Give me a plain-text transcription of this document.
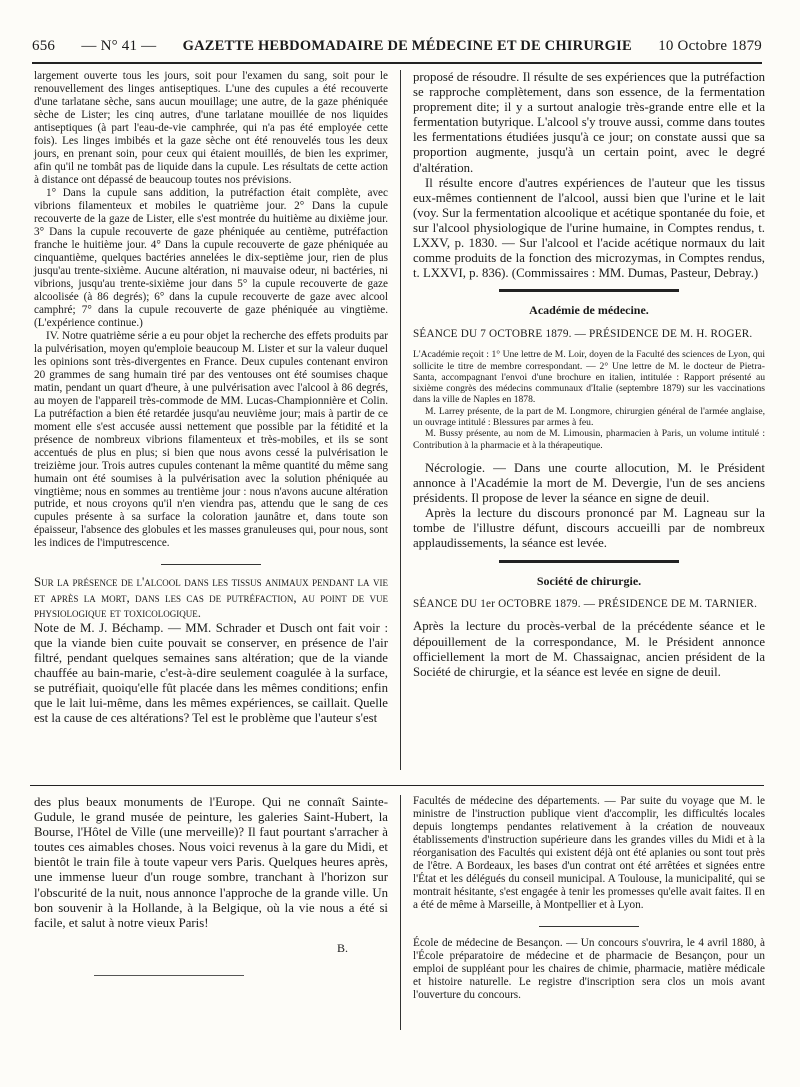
656 — N° 41 — GAZETTE HEBDOMADAIRE DE MÉDECINE ET DE CHIRURGIE 10 Octobre 1879

largement ouverte tous les jours, soit pour l'examen du sang, soit pour le renouvellement des linges antiseptiques. L'une des cupules a été recouverte d'une tarlatane sèche, sans aucun mouillage; une autre, de la gaze phéniquée sèche de Lister; les cinq autres, d'une tarlatane mouillée de nos liquides antiseptiques (à part l'eau-de-vie camphrée, qui n'a pas été employée cette fois). Les linges imbibés et la gaze sèche ont été renouvelés tous les deux jours, en prenant soin, pour ceux qui étaient mouillés, de bien les exprimer, afin qu'il ne tombât pas de liquide dans la cupule. Les résultats de cette action à distance ont dépassé de beaucoup toutes nos prévisions.

1° Dans la cupule sans addition, la putréfaction était complète, avec vibrions filamenteux et mobiles le quatrième jour. 2° Dans la cupule recouverte de la gaze de Lister, elle s'est montrée du huitième au dixième jour. 3° Dans la cupule recouverte de gaze phéniquée au centième, putréfaction franche le huitième jour. 4° Dans la cupule recouverte de gaze phéniquée au cinquantième, quelques bactéries annelées le dix-septième jour, rien de plus jusqu'au trente-sixième. Aucune altération, ni mauvaise odeur, ni bactéries, ni vibrions, jusqu'au trente-sixième jour dans 5° la cupule recouverte de gaze alcoolisée (à 86 degrés); 6° dans la cupule recouverte de gaze avec alcool camphré; 7° dans la cupule recouverte de gaze phéniquée au vingtième. (L'expérience continue.)

IV. Notre quatrième série a eu pour objet la recherche des effets produits par la pulvérisation, moyen qu'emploie beaucoup M. Lister et sur la valeur duquel les opinions sont très-divergentes en France. Deux cupules contenant environ 20 grammes de sang humain tiré par des ventouses ont été soumises chaque matin, pendant un quart d'heure, à une pulvérisation avec l'alcool à 86 degrés, au moyen de l'appareil très-commode de MM. Lucas-Championnière et Colin. La putréfaction a bien été retardée jusqu'au neuvième jour; mais à partir de ce moment elle s'est accusée aussi nettement que possible par la fétidité et la présence de nombreux vibrions filamenteux et très-mobiles, et ils se sont accentués de plus en plus; si bien que nous avons cessé la pulvérisation le treizième jour. Trois autres cupules contenant la même quantité du même sang humain ont été soumises à la pulvérisation avec la solution phéniquée au vingtième; nous en sommes au trentième jour : nous n'avons aucune altération putride, et nous croyons qu'il n'en viendra pas, attendu que le sang de ces cupules présente à sa surface la coloration jaunâtre et, dans toute son épaisseur, l'absence des globules et les masses granuleuses qui, pour nous, sont les indices de l'imputrescence.

Sur la présence de l'alcool dans les tissus animaux pendant la vie et après la mort, dans les cas de putréfaction, au point de vue physiologique et toxicologique.

Note de M. J. Béchamp. — MM. Schrader et Dusch ont fait voir : que la viande bien cuite pouvait se conserver, en présence de l'air filtré, pendant quelques semaines sans altération; que de la viande chauffée au bain-marie, c'est-à-dire seulement coagulée à la surface, se putréfiait, quoiqu'elle fût placée dans les mêmes conditions; enfin que le lait lui-même, dans les mêmes expériences, se caillait. Quelle est la cause de ces altérations? Tel est le problème que l'auteur s'est

proposé de résoudre. Il résulte de ses expériences que la putréfaction se rapproche complètement, dans son essence, de la fermentation proprement dite; il y a surtout analogie très-grande entre elle et la fermentation butyrique. L'alcool s'y trouve aussi, comme dans toutes les fermentations étudiées jusqu'à ce jour; on constate aussi que sa proportion augmente, jusqu'à un certain point, avec le degré d'altération.

Il résulte encore d'autres expériences de l'auteur que les tissus eux-mêmes contiennent de l'alcool, aussi bien que l'urine et le lait (voy. Sur la fermentation alcoolique et acétique spontanée du foie, et sur l'alcool physiologique de l'urine humaine, in Comptes rendus, t. LXXV, p. 1830. — Sur l'alcool et l'acide acétique normaux du lait comme produits de la fonction des microzymas, in Comptes rendus, t. LXXVI, p. 836). (Commissaires : MM. Dumas, Pasteur, Debray.)

Académie de médecine.
SÉANCE DU 7 OCTOBRE 1879. — PRÉSIDENCE DE M. H. ROGER.

L'Académie reçoit : 1° Une lettre de M. Loir, doyen de la Faculté des sciences de Lyon, qui sollicite le titre de membre correspondant. — 2° Une lettre de M. le docteur de Pietra-Santa, accompagnant l'envoi d'une brochure en italien, intitulée : Rapport présenté au sixième congrès des médecins communaux d'Italie (septembre 1879) sur les vaccinations dans la ville de Naples en 1878.

M. Larrey présente, de la part de M. Longmore, chirurgien général de l'armée anglaise, un ouvrage intitulé : Blessures par armes à feu.

M. Bussy présente, au nom de M. Limousin, pharmacien à Paris, un volume intitulé : Contribution à la pharmacie et à la thérapeutique.

Nécrologie. — Dans une courte allocution, M. le Président annonce à l'Académie la mort de M. Devergie, l'un de ses anciens présidents. Il propose de lever la séance en signe de deuil.

Après la lecture du discours prononcé par M. Lagneau sur la tombe de l'illustre défunt, discours accueilli par de nombreux applaudissements, la séance est levée.

Société de chirurgie.
SÉANCE DU 1er OCTOBRE 1879. — PRÉSIDENCE DE M. TARNIER.

Après la lecture du procès-verbal de la précédente séance et le dépouillement de la correspondance, M. le Président annonce officiellement la mort de M. Chassaignac, ancien président de la Société de chirurgie, et la séance est levée en signe de deuil.

des plus beaux monuments de l'Europe. Qui ne connaît Sainte-Gudule, le grand musée de peinture, les galeries Saint-Hubert, la Bourse, l'Hôtel de Ville (une merveille)? Il faut pourtant s'arracher à toutes ces aimables choses. Nous voici revenus à la gare du Midi, et bientôt le train file à toute vapeur vers Paris. Quelques heures après, une immense lueur d'un rouge sombre, tranchant à l'horizon sur l'obscurité de la nuit, nous annonce l'approche de la grande ville. Un bon souvenir à la Hollande, à la Belgique, où la vie nous a été si facile, et salut à notre vieux Paris!

B.

Facultés de médecine des départements. — Par suite du voyage que M. le ministre de l'instruction publique vient d'accomplir, les difficultés locales depuis longtemps pendantes relativement à la création de nouveaux établissements d'instruction supérieure dans les grandes villes du Midi et à la réorganisation des Facultés qui existent déjà ont été aplanies ou sont tout près de l'être. A Bordeaux, les bases d'un contrat ont été arrêtées et signées entre l'État et les délégués du conseil municipal. A Toulouse, la municipalité, qui se montrait hésitante, s'est engagée à tenir les promesses qu'elle avait faites. Il en a été de même à Marseille, à Montpellier et à Lyon.

École de médecine de Besançon. — Un concours s'ouvrira, le 4 avril 1880, à l'École préparatoire de médecine et de pharmacie de Besançon, pour un emploi de suppléant pour les chaires de chimie, pharmacie, matière médicale et histoire naturelle. Le registre d'inscription sera clos un mois avant l'ouverture du concours.
